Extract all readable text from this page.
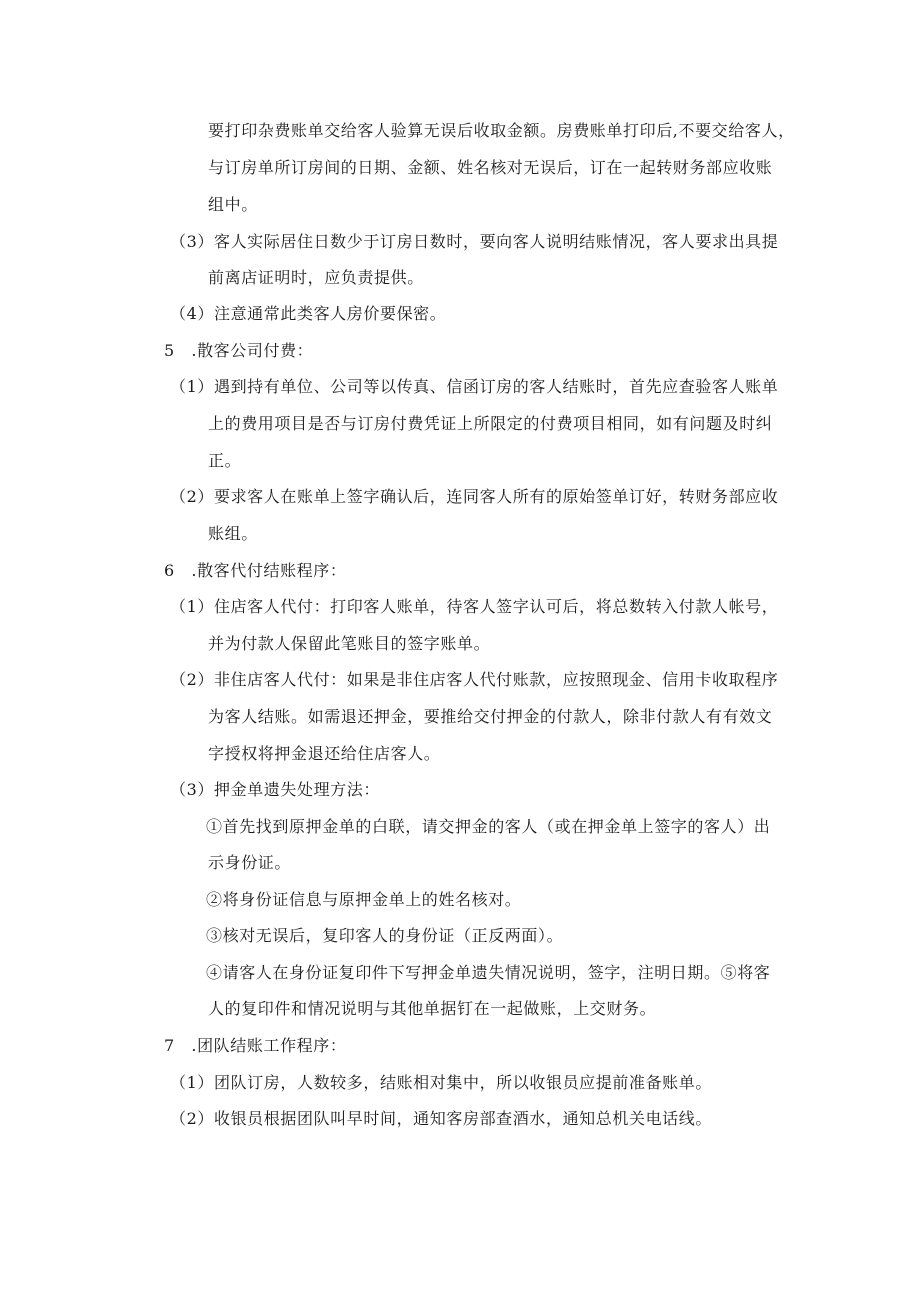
要打印杂费账单交给客人验算无误后收取金额。房费账单打印后,不要交给客人，
与订房单所订房间的日期、金额、姓名核对无误后，订在一起转财务部应收账
组中。
（3）客人实际居住日数少于订房日数时，要向客人说明结账情况，客人要求出具提
前离店证明时，应负责提供。
（4）注意通常此类客人房价要保密。
5　.散客公司付费：
（1）遇到持有单位、公司等以传真、信函订房的客人结账时，首先应查验客人账单
上的费用项目是否与订房付费凭证上所限定的付费项目相同，如有问题及时纠
正。
（2）要求客人在账单上签字确认后，连同客人所有的原始签单订好，转财务部应收
账组。
6　.散客代付结账程序：
（1）住店客人代付：打印客人账单，待客人签字认可后，将总数转入付款人帐号，
并为付款人保留此笔账目的签字账单。
（2）非住店客人代付：如果是非住店客人代付账款，应按照现金、信用卡收取程序
为客人结账。如需退还押金，要推给交付押金的付款人，除非付款人有有效文
字授权将押金退还给住店客人。
（3）押金单遗失处理方法：
①首先找到原押金单的白联，请交押金的客人（或在押金单上签字的客人）出
示身份证。
②将身份证信息与原押金单上的姓名核对。
③核对无误后，复印客人的身份证（正反两面）。
④请客人在身份证复印件下写押金单遗失情况说明，签字，注明日期。⑤将客
人的复印件和情况说明与其他单据钉在一起做账，上交财务。
7　.团队结账工作程序：
（1）团队订房，人数较多，结账相对集中，所以收银员应提前准备账单。
（2）收银员根据团队叫早时间，通知客房部查酒水，通知总机关电话线。
